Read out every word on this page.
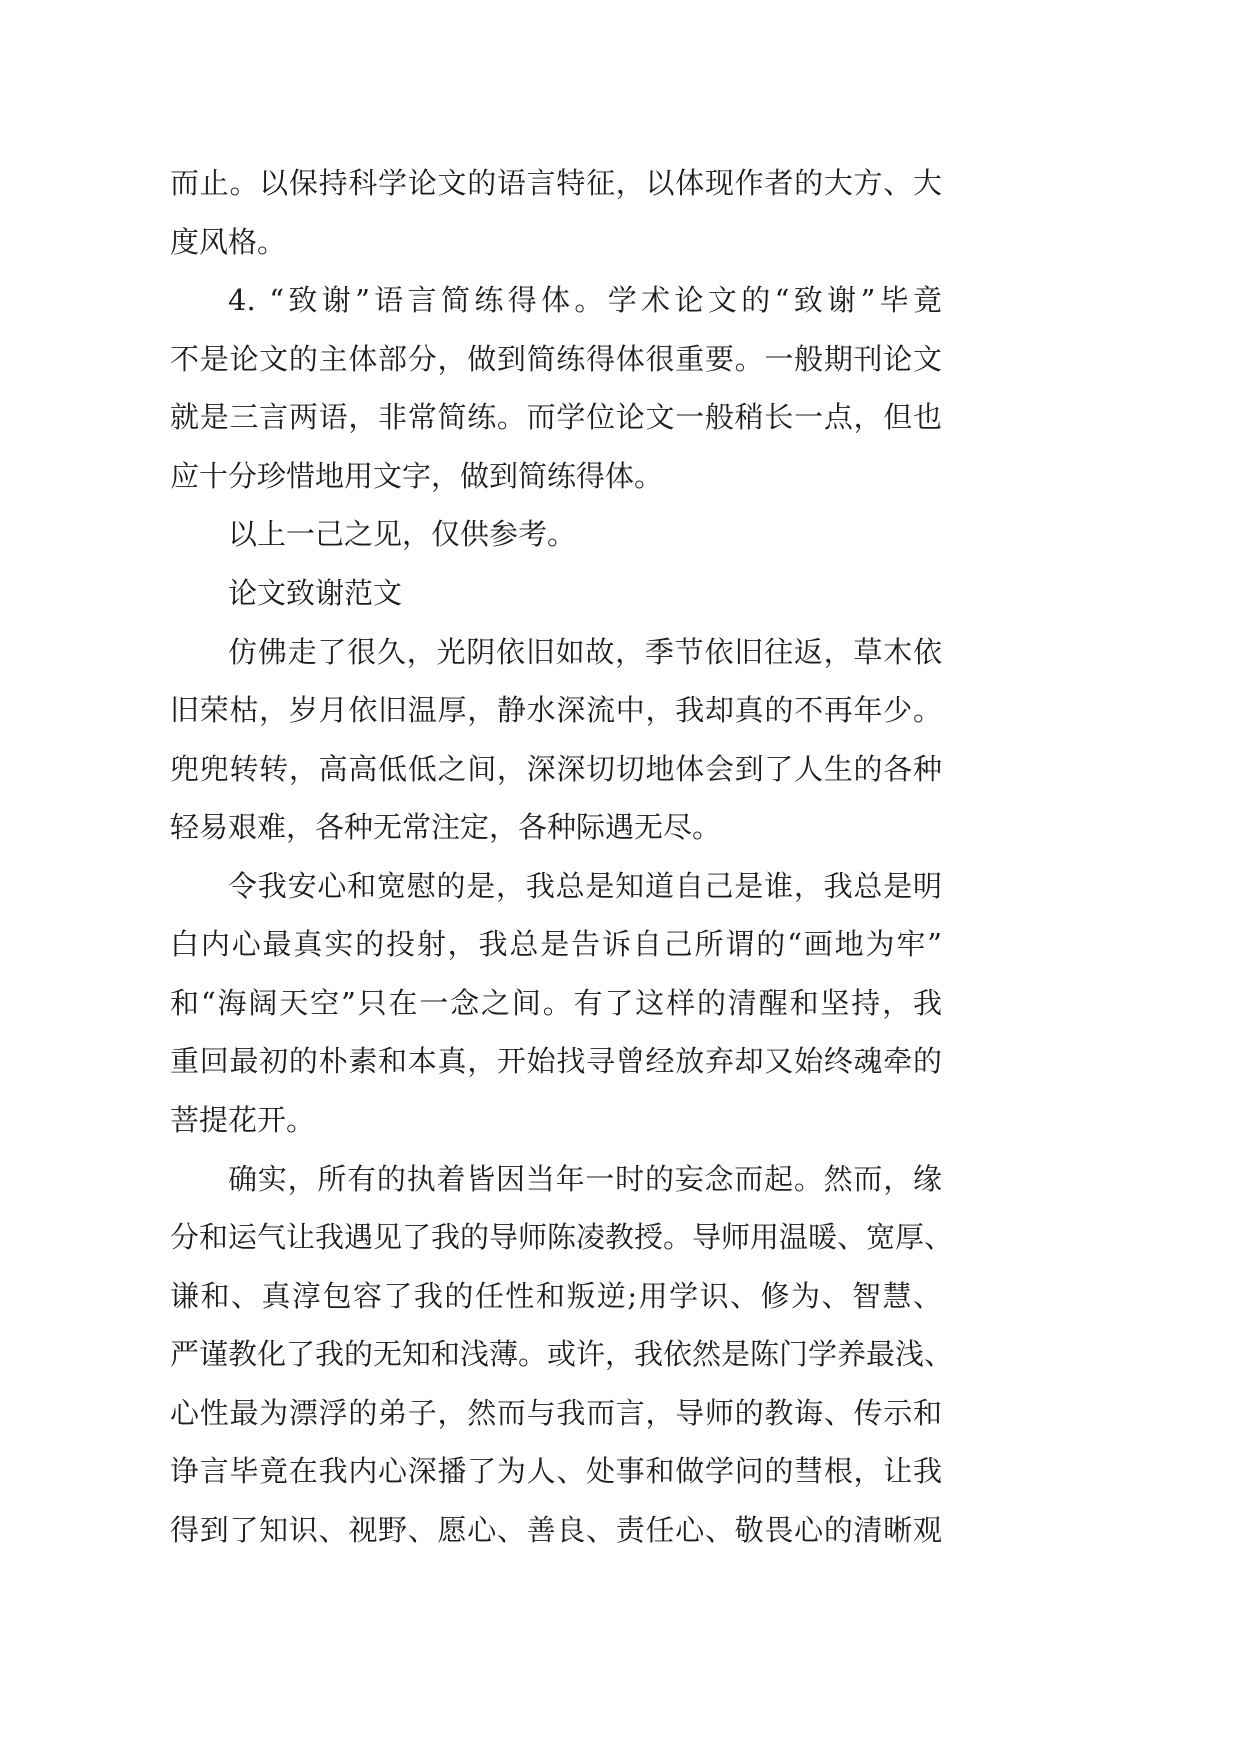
而止。以保持科学论文的语言特征，以体现作者的大方、大
度风格。
4. “致谢”语言简练得体。学术论文的“致谢”毕竟
不是论文的主体部分，做到简练得体很重要。一般期刊论文
就是三言两语，非常简练。而学位论文一般稍长一点，但也
应十分珍惜地用文字，做到简练得体。
以上一己之见，仅供参考。
论文致谢范文
仿佛走了很久，光阴依旧如故，季节依旧往返，草木依
旧荣枯，岁月依旧温厚，静水深流中，我却真的不再年少。
兜兜转转，高高低低之间，深深切切地体会到了人生的各种
轻易艰难，各种无常注定，各种际遇无尽。
令我安心和宽慰的是，我总是知道自己是谁，我总是明
白内心最真实的投射，我总是告诉自己所谓的“画地为牢”
和“海阔天空”只在一念之间。有了这样的清醒和坚持，我
重回最初的朴素和本真，开始找寻曾经放弃却又始终魂牵的
菩提花开。
确实，所有的执着皆因当年一时的妄念而起。然而，缘
分和运气让我遇见了我的导师陈凌教授。导师用温暖、宽厚、
谦和、真淳包容了我的任性和叛逆;用学识、修为、智慧、
严谨教化了我的无知和浅薄。或许，我依然是陈门学养最浅、
心性最为漂浮的弟子，然而与我而言，导师的教诲、传示和
诤言毕竟在我内心深播了为人、处事和做学问的彗根，让我
得到了知识、视野、愿心、善良、责任心、敬畏心的清晰观
